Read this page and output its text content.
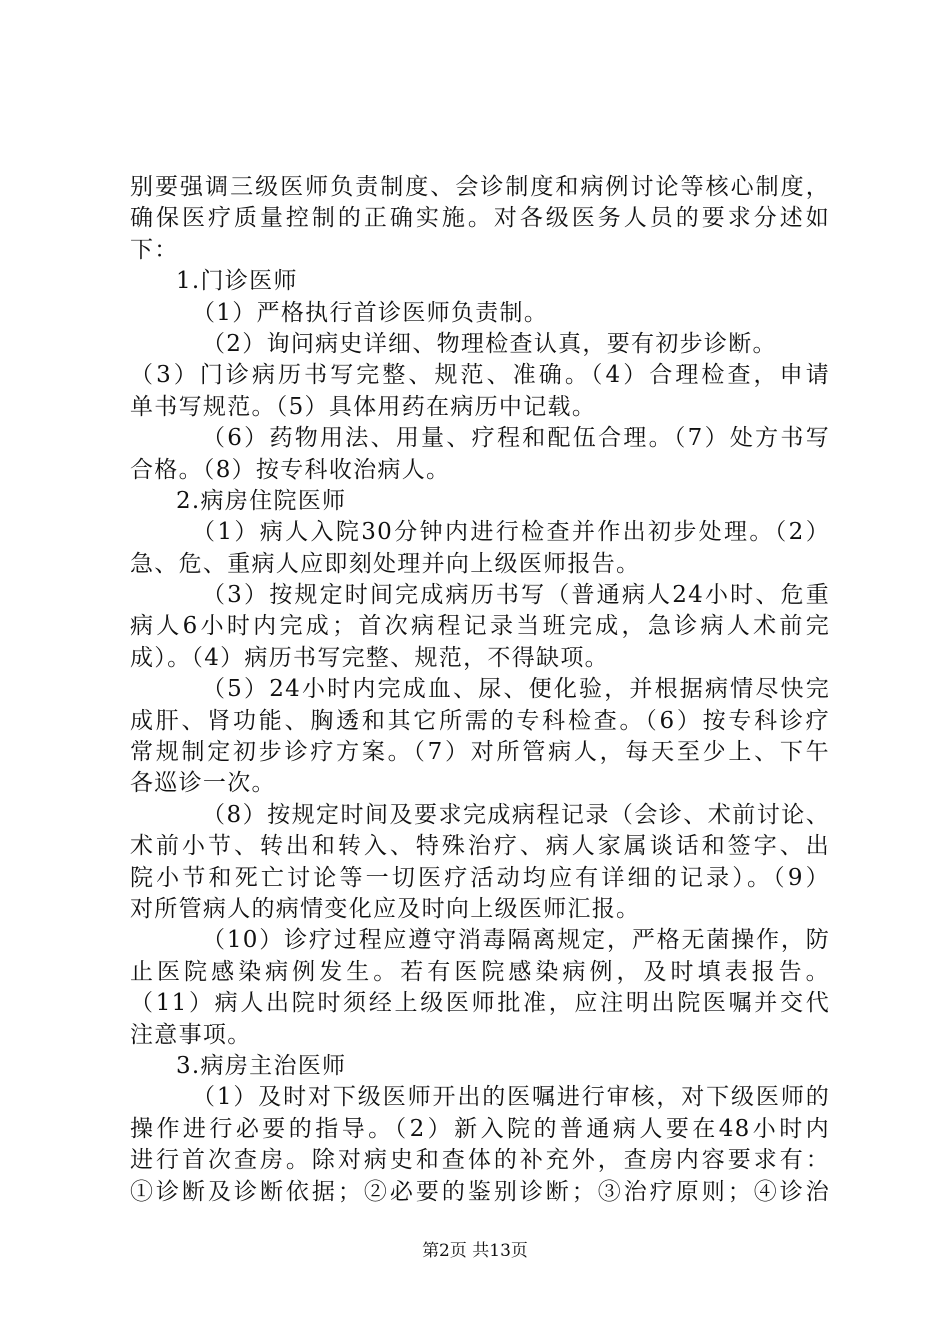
别要强调三级医师负责制度、会诊制度和病例讨论等核心制度，
确保医疗质量控制的正确实施。对各级医务人员的要求分述如
下：
1.门诊医师
（1）严格执行首诊医师负责制。
（2）询问病史详细、物理检查认真，要有初步诊断。
（3）门诊病历书写完整、规范、准确。（4）合理检查，申请
单书写规范。（5）具体用药在病历中记载。
（6）药物用法、用量、疗程和配伍合理。（7）处方书写
合格。（8）按专科收治病人。
2.病房住院医师
（1）病人入院30分钟内进行检查并作出初步处理。（2）
急、危、重病人应即刻处理并向上级医师报告。
（3）按规定时间完成病历书写（普通病人24小时、危重
病人6小时内完成；首次病程记录当班完成，急诊病人术前完
成）。（4）病历书写完整、规范，不得缺项。
（5）24小时内完成血、尿、便化验，并根据病情尽快完
成肝、肾功能、胸透和其它所需的专科检查。（6）按专科诊疗
常规制定初步诊疗方案。（7）对所管病人，每天至少上、下午
各巡诊一次。
（8）按规定时间及要求完成病程记录（会诊、术前讨论、
术前小节、转出和转入、特殊治疗、病人家属谈话和签字、出
院小节和死亡讨论等一切医疗活动均应有详细的记录）。（9）
对所管病人的病情变化应及时向上级医师汇报。
（10）诊疗过程应遵守消毒隔离规定，严格无菌操作，防
止医院感染病例发生。若有医院感染病例，及时填表报告。
（11）病人出院时须经上级医师批准，应注明出院医嘱并交代
注意事项。
3.病房主治医师
（1）及时对下级医师开出的医嘱进行审核，对下级医师的
操作进行必要的指导。（2）新入院的普通病人要在48小时内
进行首次查房。除对病史和查体的补充外，查房内容要求有：
①诊断及诊断依据；②必要的鉴别诊断；③治疗原则；④诊治
第2页 共13页
